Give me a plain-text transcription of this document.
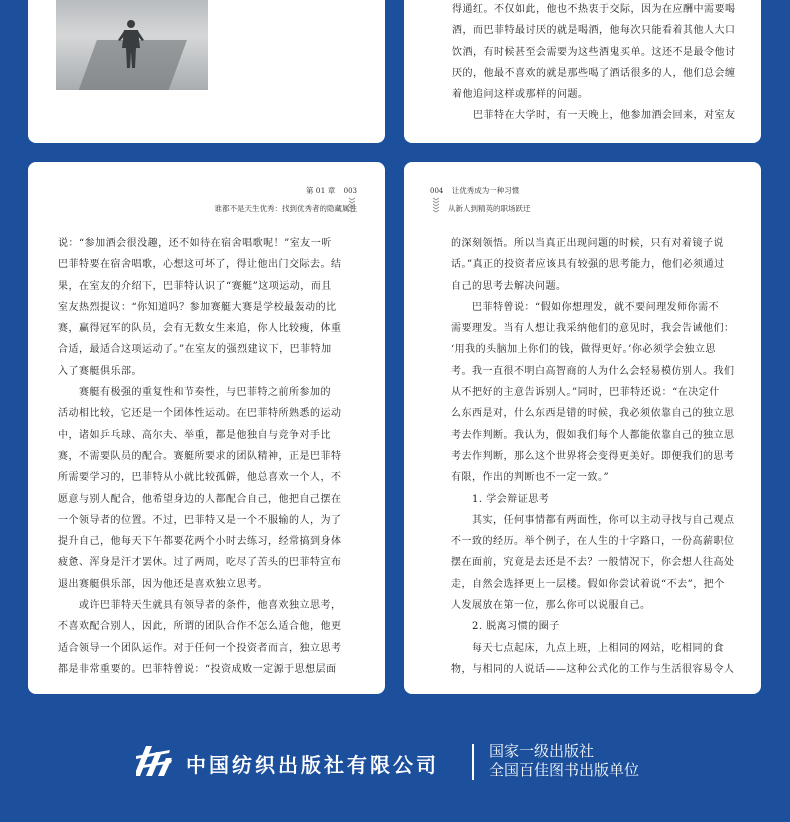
得通红。不仅如此，他也不热衷于交际，因为在应酬中需要喝

酒，而巴菲特最讨厌的就是喝酒，他每次只能看着其他人大口

饮酒，有时候甚至会需要为这些酒鬼买单。这还不是最令他讨

厌的，他最不喜欢的就是那些喝了酒话很多的人，他们总会缠

着他追问这样或那样的问题。

　　巴菲特在大学时，有一天晚上，他参加酒会回来，对室友

第 01 章 003
谁都不是天生优秀：找到优秀者的隐藏属性

说：“参加酒会很没趣，还不如待在宿舍唱歌呢！”室友一听

巴菲特要在宿舍唱歌，心想这可坏了，得让他出门交际去。结

果，在室友的介绍下，巴菲特认识了“赛艇”这项运动，而且

室友热烈提议：“你知道吗？参加赛艇大赛是学校最轰动的比

赛，赢得冠军的队员，会有无数女生来追，你人比较瘦，体重

合适，最适合这项运动了。”在室友的强烈建议下，巴菲特加

入了赛艇俱乐部。

　　赛艇有极强的重复性和节奏性，与巴菲特之前所参加的

活动相比较，它还是一个团体性运动。在巴菲特所熟悉的运动

中，诸如乒乓球、高尔夫、举重，都是他独自与竞争对手比

赛，不需要队员的配合。赛艇所要求的团队精神，正是巴菲特

所需要学习的，巴菲特从小就比较孤僻，他总喜欢一个人，不

愿意与别人配合，他希望身边的人都配合自己，他把自己摆在

一个领导者的位置。不过，巴菲特又是一个不服输的人，为了

提升自己，他每天下午都要花两个小时去练习，经常搞到身体

疲惫、浑身是汗才罢休。过了两周，吃尽了苦头的巴菲特宣布

退出赛艇俱乐部，因为他还是喜欢独立思考。

　　或许巴菲特天生就具有领导者的条件，他喜欢独立思考，

不喜欢配合别人，因此，所谓的团队合作不怎么适合他，他更

适合领导一个团队运作。对于任何一个投资者而言，独立思考

都是非常重要的。巴菲特曾说：“投资成败一定源于思想层面

004 让优秀成为一种习惯
从新人到精英的职场跃迁

的深刻领悟。所以当真正出现问题的时候，只有对着镜子说

话。”真正的投资者应该具有较强的思考能力，他们必须通过

自己的思考去解决问题。

　　巴菲特曾说：“假如你想理发，就不要问理发师你需不

需要理发。当有人想让我采纳他们的意见时，我会告诫他们：

‘用我的头脑加上你们的钱，做得更好。’你必须学会独立思

考。我一直很不明白高智商的人为什么会轻易模仿别人。我们

从不把好的主意告诉别人。”同时，巴菲特还说：“在决定什

么东西是对，什么东西是错的时候，我必须依靠自己的独立思

考去作判断。我认为，假如我们每个人都能依靠自己的独立思

考去作判断，那么这个世界将会变得更美好。即便我们的思考

有限，作出的判断也不一定一致。”

　　1. 学会辩证思考

　　其实，任何事情都有两面性，你可以主动寻找与自己观点

不一致的经历。举个例子，在人生的十字路口，一份高薪职位

摆在面前，究竟是去还是不去？一般情况下，你会想人往高处

走，自然会选择更上一层楼。假如你尝试着说“不去”，把个

人发展放在第一位，那么你可以说服自己。

　　2. 脱离习惯的圈子

　　每天七点起床，九点上班，上相同的网站，吃相同的食

物，与相同的人说话——这种公式化的工作与生活很容易令人

中国纺织出版社有限公司
国家一级出版社
全国百佳图书出版单位
